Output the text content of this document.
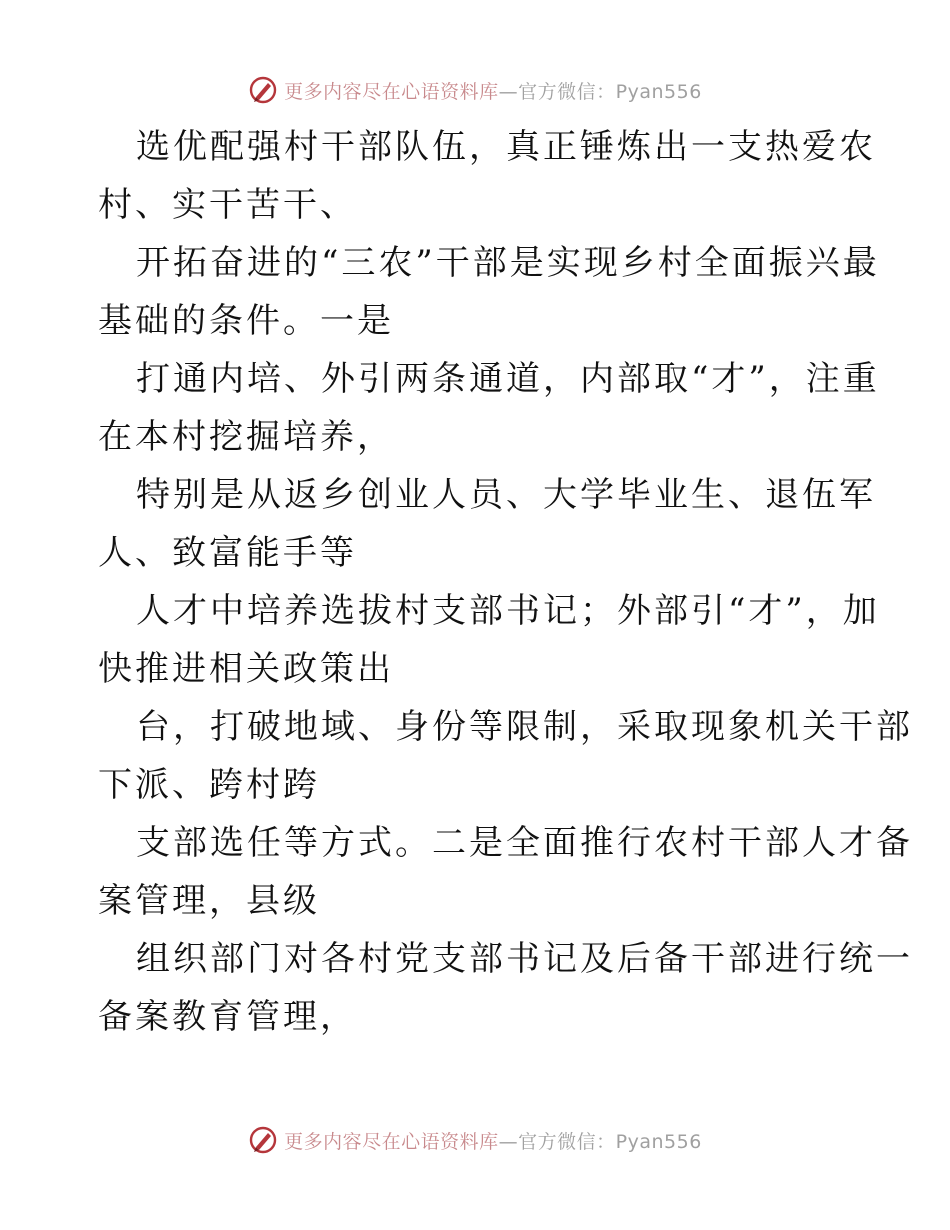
更多内容尽在心语资料库—官方微信：Pyan556
选优配强村干部队伍，真正锤炼出一支热爱农
村、实干苦干、
开拓奋进的“三农”干部是实现乡村全面振兴最
基础的条件。一是
打通内培、外引两条通道，内部取“才”，注重
在本村挖掘培养，
特别是从返乡创业人员、大学毕业生、退伍军
人、致富能手等
人才中培养选拔村支部书记；外部引“才”，加
快推进相关政策出
台，打破地域、身份等限制，采取现象机关干部
下派、跨村跨
支部选任等方式。二是全面推行农村干部人才备
案管理，县级
组织部门对各村党支部书记及后备干部进行统一
备案教育管理，
更多内容尽在心语资料库—官方微信：Pyan556
